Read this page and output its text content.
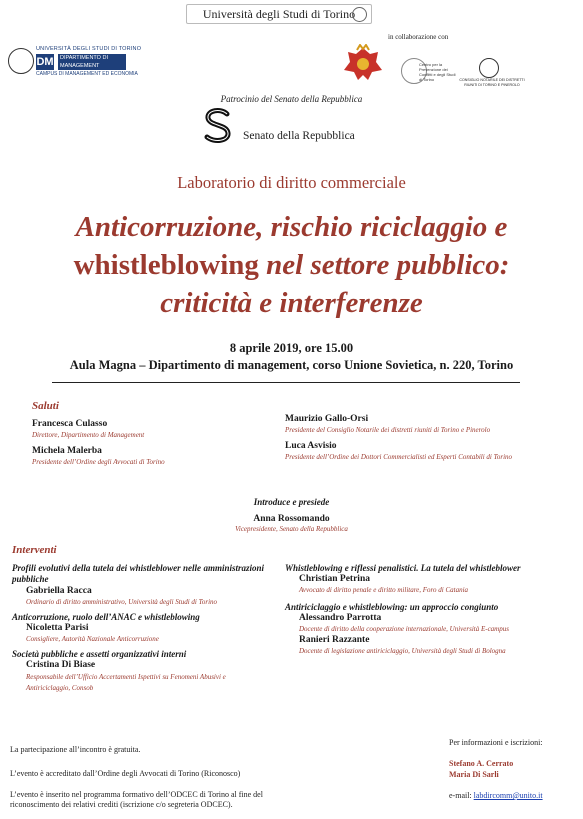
Università degli Studi di Torino
in collaborazione con
UNIVERSITÀ DEGLI STUDI DI TORINO
DM	DIPARTIMENTO DI MANAGEMENT
CAMPUS DI MANAGEMENT ED ECONOMIA
Centro per la Prevenzione dei Conflitti e degli Studi di Torino	CONSIGLIO NOTARILE DEI DISTRETTI RIUNITI DI TORINO E PINEROLO
Patrocinio del Senato della Repubblica
Senato della Repubblica
Laboratorio di diritto commerciale
Anticorruzione, rischio riciclaggio e
whistleblowing nel settore pubblico:
criticità e interferenze
8 aprile 2019, ore 15.00
Aula Magna – Dipartimento di management, corso Unione Sovietica, n. 220, Torino
Saluti
Francesca Culasso
Direttore, Dipartimento di Management
Michela Malerba
Presidente dell’Ordine degli Avvocati di Torino
Maurizio Gallo-Orsi
Presidente del Consiglio Notarile dei distretti riuniti di Torino e Pinerolo
Luca Asvisio
Presidente dell’Ordine dei Dottori Commercialisti ed Esperti Contabili di Torino
Introduce e presiede
Anna Rossomando
Vicepresidente, Senato della Repubblica
Interventi
Profili evolutivi della tutela dei whistleblower nelle amministrazioni pubbliche
Gabriella Racca
Ordinario di diritto amministrativo, Università degli Studi di Torino
Anticorruzione, ruolo dell’ANAC e whistleblowing
Nicoletta Parisi
Consigliere, Autorità Nazionale Anticorruzione
Società pubbliche e assetti organizzativi interni
Cristina Di Biase
Responsabile dell’Ufficio Accertamenti Ispettivi su Fenomeni Abusivi e Antiriciclaggio, Consob
Whistleblowing e riflessi penalistici. La tutela del whistleblower
Christian Petrina
Avvocato di diritto penale e diritto militare, Foro di Catania
Antiriciclaggio e whistleblowing: un approccio congiunto
Alessandro Parrotta
Docente di diritto della cooperazione internazionale, Università E-campus
Ranieri Razzante
Docente di legislazione antiriciclaggio, Università degli Studi di Bologna
La partecipazione all’incontro è gratuita.
L’evento è accreditato dall’Ordine degli Avvocati di Torino (Riconosco)
L’evento è inserito nel programma formativo dell’ODCEC di Torino al fine del riconoscimento dei relativi crediti (iscrizione c/o segreteria ODCEC).
Per informazioni e iscrizioni:
Stefano A. Cerrato
Maria Di Sarli
e-mail: labdircomm@unito.it
